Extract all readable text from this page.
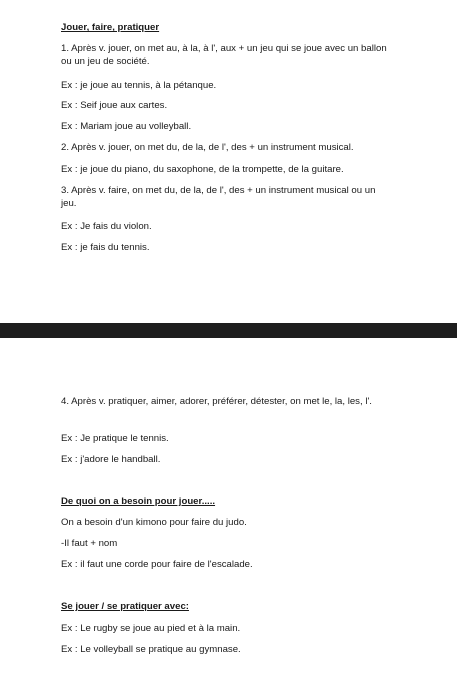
Jouer, faire, pratiquer
1. Après v. jouer, on met au, à la, à l', aux + un jeu qui se joue avec un ballon ou un jeu de société.
Ex : je joue au tennis, à la pétanque.
Ex : Seif joue aux cartes.
Ex : Mariam joue au volleyball.
2. Après v. jouer, on met du, de la, de l', des + un instrument musical.
Ex : je joue du piano, du saxophone, de la trompette, de la guitare.
3. Après v. faire, on met du, de la, de l', des + un instrument musical ou un jeu.
Ex : Je fais du violon.
Ex : je fais du tennis.
4. Après v. pratiquer, aimer, adorer, préférer, détester, on met le, la, les, l'.
Ex : Je pratique le tennis.
Ex : j'adore le handball.
De quoi on a besoin pour jouer.....
On a besoin d'un kimono pour faire du judo.
-Il faut + nom
Ex : il faut une corde pour faire de l'escalade.
Se jouer / se pratiquer avec:
Ex : Le rugby se joue au pied et à la main.
Ex : Le volleyball se pratique au gymnase.
